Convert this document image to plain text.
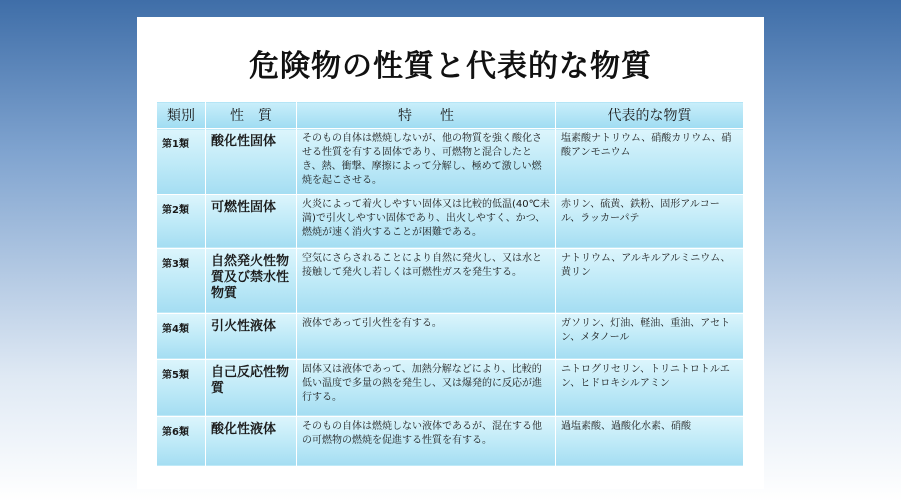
危険物の性質と代表的な物質
類別	性　質	特　　性	代表的な物質
第1類	酸化性固体	そのもの自体は燃焼しないが、他の物質を強く酸化させる性質を有する固体であり、可燃物と混合したとき、熱、衝撃、摩擦によって分解し、極めて激しい燃焼を起こさせる。	塩素酸ナトリウム、硝酸カリウム、硝酸アンモニウム
第2類	可燃性固体	火炎によって着火しやすい固体又は比較的低温(40℃未満)で引火しやすい固体であり、出火しやすく、かつ、燃焼が速く消火することが困難である。	赤リン、硫黄、鉄粉、固形アルコール、ラッカーパテ
第3類	自然発火性物質及び禁水性物質	空気にさらされることにより自然に発火し、又は水と接触して発火し若しくは可燃性ガスを発生する。	ナトリウム、アルキルアルミニウム、黄リン
第4類	引火性液体	液体であって引火性を有する。	ガソリン、灯油、軽油、重油、アセトン、メタノール
第5類	自己反応性物質	固体又は液体であって、加熱分解などにより、比較的低い温度で多量の熱を発生し、又は爆発的に反応が進行する。	ニトログリセリン、トリニトロトルエン、ヒドロキシルアミン
第6類	酸化性液体	そのもの自体は燃焼しない液体であるが、混在する他の可燃物の燃焼を促進する性質を有する。	過塩素酸、過酸化水素、硝酸
